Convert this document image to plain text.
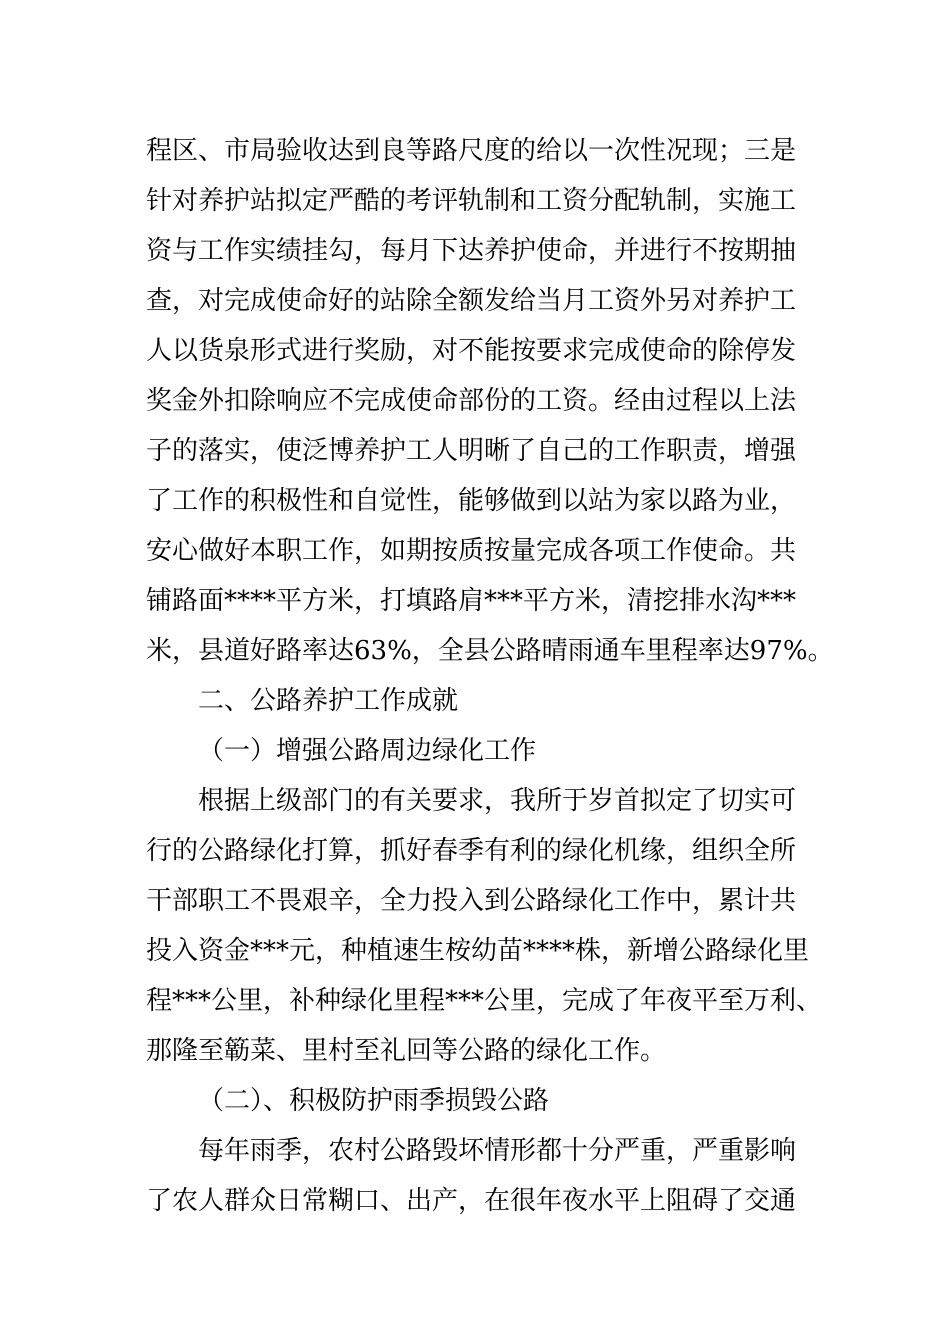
程区、市局验收达到良等路尺度的给以一次性况现；三是
针对养护站拟定严酷的考评轨制和工资分配轨制，实施工
资与工作实绩挂勾，每月下达养护使命，并进行不按期抽
查，对完成使命好的站除全额发给当月工资外另对养护工
人以货泉形式进行奖励，对不能按要求完成使命的除停发
奖金外扣除响应不完成使命部份的工资。经由过程以上法
子的落实，使泛博养护工人明晰了自己的工作职责，增强
了工作的积极性和自觉性，能够做到以站为家以路为业，
安心做好本职工作，如期按质按量完成各项工作使命。共
铺路面****平方米，打填路肩***平方米，清挖排水沟***
米，县道好路率达63%，全县公路晴雨通车里程率达97%。
二、公路养护工作成就
（一）增强公路周边绿化工作
根据上级部门的有关要求，我所于岁首拟定了切实可
行的公路绿化打算，抓好春季有利的绿化机缘，组织全所
干部职工不畏艰辛，全力投入到公路绿化工作中，累计共
投入资金***元，种植速生桉幼苗****株，新增公路绿化里
程***公里，补种绿化里程***公里，完成了年夜平至万利、
那隆至簕菜、里村至礼回等公路的绿化工作。
（二）、积极防护雨季损毁公路
每年雨季，农村公路毁坏情形都十分严重，严重影响
了农人群众日常糊口、出产，在很年夜水平上阻碍了交通
